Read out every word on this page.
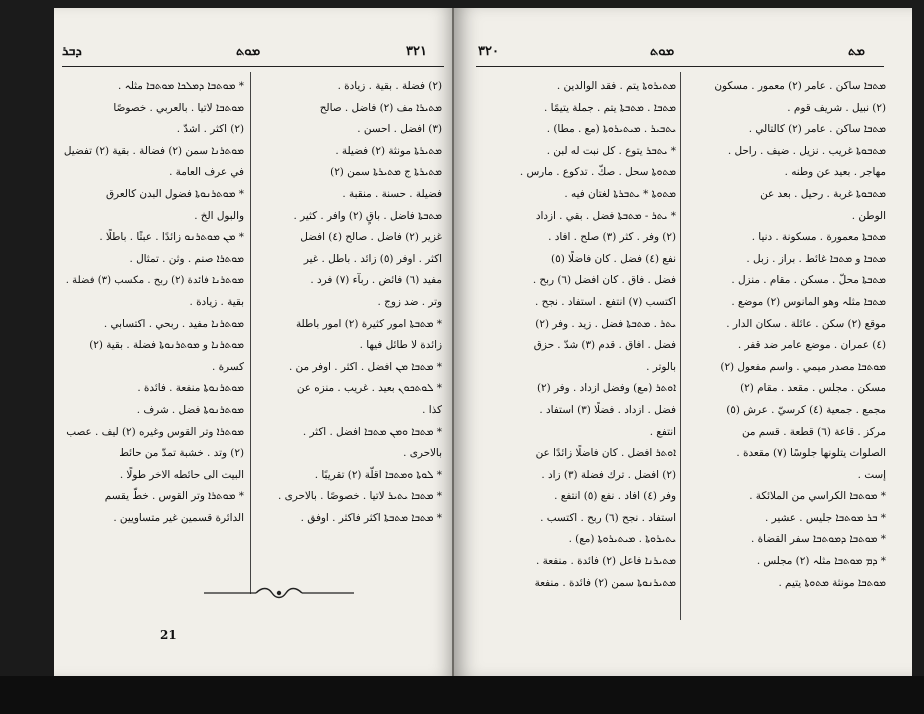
ܕܒܪ	ܡܘܬ	٣٢١

* ܡܘܬܒܐ ܕܡܠܟܐ ܡܘܬܒܐ مثلہ .

ܡܘܬܒܐ لاتيا . بالعربي . خصوصًا

(٢) اكثر . اشدّ .

ܡܘܬܪܢܐ سمن (٢) فضالة . بقية (٢) تفضيل

في عرف العامة .

* ܡܘܬܪܢܘܬܐ فضول البدن كالعرق

والبول الخ .

* ܡܢ ܡܘܬܪܢܘ زائدًا . عبثًا . باطلًا .

ܡܘܬܪܐ صنم . وثن . تمثال .

ܡܘܬܪܢܐ فائدة (٢) ربح . مكسب (٣) فضلة .

بقية . زيادة .

ܡܘܬܪܢܐ مفيد . ربحي . اكتسابي .

ܡܘܬܪܢܐ و ܡܘܬܪܢܘܬܐ فضلة . بقية (٢)

كسرة .

ܡܘܬܪܢܘܬܐ منفعة . فائدة .

ܡܘܬܪܢܘܬܐ فضل . شرف .

ܡܘܬܪܐ وتر القوس وغيره (٢) ليف . عصب

(٢) وتد . خشبة تمدّ من حائط

البيت الى حائطه الاخر طولًا .

* ܡܘܬܪܐ وتر القوس . خطّ يقسم

الدائرة قسمين غير متساويين .

(٢) فضلة . بقية . زيادة .

ܡܬܝܪܐ مف (٢) فاضل . صالح

(٣) افضل . احسن .

ܡܬܝܪܬܐ مونثة (٢) فضيلة .

ܡܬܝܪܬܐ ج ܡܬܝܪܬܐ سمن (٢)

فضيلة . حسنة . منقبة .

ܡܬܒܬܐ فاضل . باقٍ (٢) وافر . كثير .

غزير (٢) فاضل . صالح (٤) افضل

اكثر . اوفر (٥) زائد . باطل . غير

مفيد (٦) فائض . ربآء (٧) فرد .

وتر . ضد زوج .

* ܡܬܒܬܐ امور كثيرة (٢) امور باطلة

زائدة لا طائل فيها .

* ܡܬܒܐ ܡܢ افضل . اكثر . اوفر من .

* ܠܘܬܟܘܢ بعيد . غريب . منزه عن

كذا .

* ܡܬܒܐ ܘܡܢ ܡܬܒܐ افضل . اكثر .

بالاحرى .

* ܠܘܬܐ ܘܡܬܒܐ اقلّة (٢) تقريبًا .

* ܡܬܒܐ ܝܬܝܪ لاتيا . خصوصًا . بالاحرى .

* ܡܬܒܐ ܡܬܒܬܐ اكثر فاكثر . اوفق .

21
٣٢٠	ܡܘܬ	ܡܬ

ܡܬܝܪܘܬܐ يتم . فقد الوالدين .

ܡܬܒܐ . ܡܬܒܬܐ يتم . جملة يتيمًا .

ܝܬܒܝܪ . ܡܝܬܝܪܘܬܐ (مع . مطا) .

* ܝܬܒܪ يتوع . كل نبت له لبن .

ܡܬܘܬܐ سحل . صكّ . تدكوع . مارس .

ܡܬܘܬܐ * ܝܬܒܪܬܐ لغتان فيه .

* ܝܬܪ - ܡܬܒܬܐ فضل . بقي . ازداد

(٢) وفر . كثر (٣) صلح . افاد .

نفع (٤) فضل . كان فاضلًا (٥)

فضل . فاق . كان افضل (٦) ربح .

اكتسب (٧) انتفع . استفاد . نجح .

ܝܬܪ . ܡܬܒܬܐ فضل . زيد . وفر (٢)

فضل . افاق . قدم (٣) شدّ . حزق

بالوتر .

ܐܘܬܪ (مع) وفضل ازداد . وفر (٢)

فضل . ازداد . فضلًا (٣) استفاد .

انتفع .

ܐܘܬܪ افضل . كان فاضلًا زائدًا عن

(٢) افضل . ترك فضلة (٣) زاد .

وفر (٤) افاد . نفع (٥) انتفع .

استفاد . نجح (٦) ربح . اكتسب .

ܝܬܝܪܘܬܐ . ܡܝܬܝܪܘܬܐ (مع) .

ܡܬܝܪܢܐ فاعل (٢) فائدة . منفعة .

ܡܬܝܪܢܘܬܐ سمن (٢) فائدة . منفعة

ܡܬܒܐ ساكن . عامر (٢) معمور . مسكون

(٢) نبيل . شريف قوم .

ܡܬܒܐ ساكن . عامر (٢) كالتالي .

ܡܬܒܘܬܐ غريب . نزيل . ضيف . راحل .

مهاجر . بعيد عن وطنه .

ܡܬܒܘܬܐ غربة . رحيل . بعد عن

الوطن .

ܡܬܒܬܐ معمورة . مسكونة . دنيا .

ܡܬܒܐ و ܡܬܒܐ غائط . براز . زبل .

ܡܬܒܬܐ محلّ . مسكن . مقام . منزل .

ܡܬܒܐ مثلہ وهو المانوس (٢) موضع .

موقع (٢) سكن . عائلة . سكان الدار .

(٤) عمران . موضع عامر ضد قفر .

ܡܘܬܒܐ مصدر ميمي . واسم مفعول (٢)

مسكن . مجلس . مقعد . مقام (٢)

مجمع . جمعية (٤) كرسيّ . عرش (٥)

مركز . قاعة (٦) قطعة . قسم من

الصلوات يتلونها جلوسًا (٧) مقعدة .

إست .

* ܡܘܬܒܐ الكراسي من الملائكة .

* ܒܪ ܡܘܬܒܐ جليس . عشير .

* ܡܘܬܒܐ ܕܡܘܬܒܐ سفر القضاة .

* ܕܡ ܡܘܬܒܐ مثلہ (٢) مجلس .

ܡܘܬܒܐ مونثة ܡܬܘܬܐ يتيم .
